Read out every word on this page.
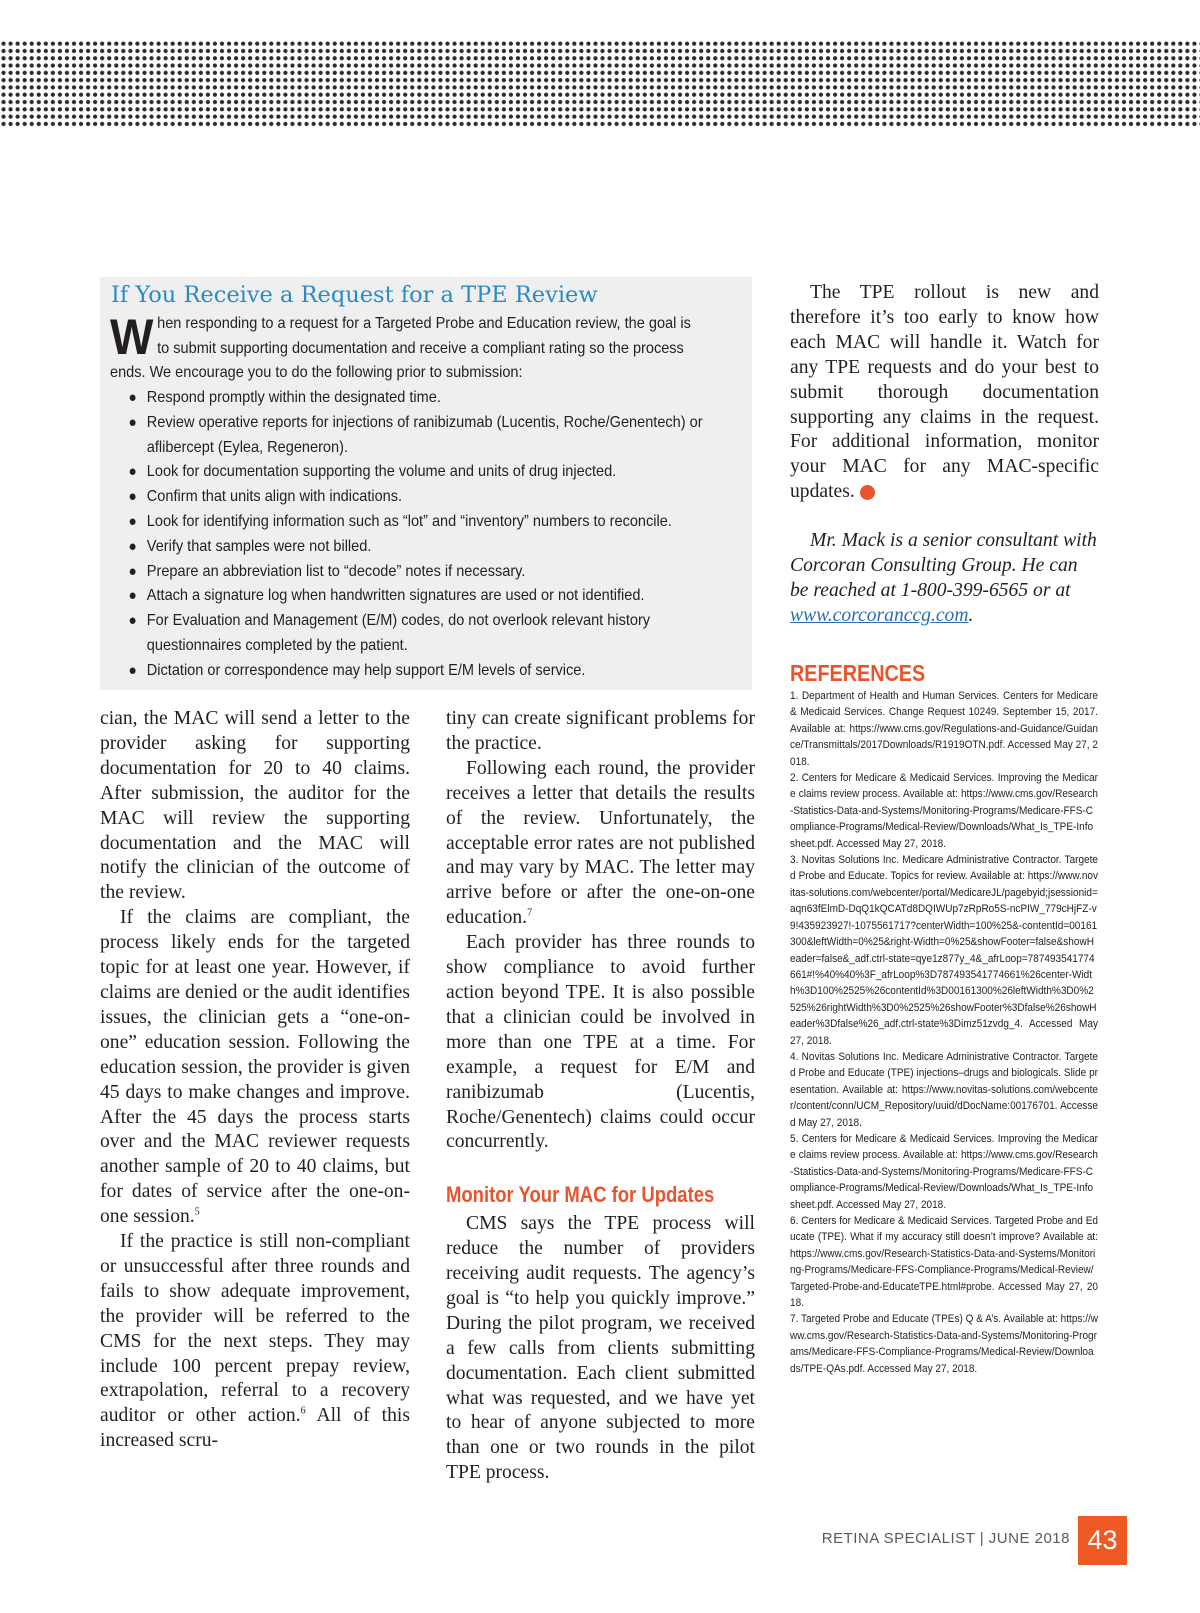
If You Receive a Request for a TPE Review
When responding to a request for a Targeted Probe and Education review, the goal is to submit supporting documentation and receive a compliant rating so the process ends. We encourage you to do the following prior to submission:
● Respond promptly within the designated time.
● Review operative reports for injections of ranibizumab (Lucentis, Roche/Genentech) or aflibercept (Eylea, Regeneron).
● Look for documentation supporting the volume and units of drug injected.
● Confirm that units align with indications.
● Look for identifying information such as “lot” and “inventory” numbers to reconcile.
● Verify that samples were not billed.
● Prepare an abbreviation list to “decode” notes if necessary.
● Attach a signature log when handwritten signatures are used or not identified.
● For Evaluation and Management (E/M) codes, do not overlook relevant history questionnaires completed by the patient.
● Dictation or correspondence may help support E/M levels of service.

cian, the MAC will send a letter to the provider asking for supporting documentation for 20 to 40 claims. After submission, the auditor for the MAC will review the supporting documentation and the MAC will notify the clinician of the outcome of the review.

If the claims are compliant, the process likely ends for the targeted topic for at least one year. However, if claims are denied or the audit identifies issues, the clinician gets a “one-on-one” education session. Following the education session, the provider is given 45 days to make changes and improve. After the 45 days the process starts over and the MAC reviewer requests another sample of 20 to 40 claims, but for dates of service after the one-on-one session.$^5$

If the practice is still non-compliant or unsuccessful after three rounds and fails to show adequate improvement, the provider will be referred to the CMS for the next steps. They may include 100 percent prepay review, extrapolation, referral to a recovery auditor or other action.$^6$ All of this increased scru-

tiny can create significant problems for the practice.

Following each round, the provider receives a letter that details the results of the review. Unfortunately, the acceptable error rates are not published and may vary by MAC. The letter may arrive before or after the one-on-one education.$^7$

Each provider has three rounds to show compliance to avoid further action beyond TPE. It is also possible that a clinician could be involved in more than one TPE at a time. For example, a request for E/M and ranibizumab (Lucentis, Roche/Genentech) claims could occur concurrently.

Monitor Your MAC for Updates

CMS says the TPE process will reduce the number of providers receiving audit requests. The agency’s goal is “to help you quickly improve.” During the pilot program, we received a few calls from clients submitting documentation. Each client submitted what was requested, and we have yet to hear of anyone subjected to more than one or two rounds in the pilot TPE process.

The TPE rollout is new and therefore it’s too early to know how each MAC will handle it. Watch for any TPE requests and do your best to submit thorough documentation supporting any claims in the request. For additional information, monitor your MAC for any MAC-specific updates.	RS

Mr. Mack is a senior consultant with Corcoran Consulting Group. He can be reached at 1-800-399-6565 or at www.corcoranccg.com.

REFERENCES

1. Department of Health and Human Services. Centers for Medicare & Medicaid Services. Change Request 10249. September 15, 2017. Available at: https://www.cms.gov/Regulations-and-Guidance/Guidance/Transmittals/2017Downloads/R1919OTN.pdf. Accessed May 27, 2018.

2. Centers for Medicare & Medicaid Services. Improving the Medicare claims review process. Available at: https://www.cms.gov/Research-Statistics-Data-and-Systems/Monitoring-Programs/Medicare-FFS-Compliance-Programs/Medical-Review/Downloads/What_Is_TPE-Infosheet.pdf. Accessed May 27, 2018.

3. Novitas Solutions Inc. Medicare Administrative Contractor. Targeted Probe and Educate. Topics for review. Available at: https://www.novitas-solutions.com/webcenter/portal/MedicareJL/pagebyid;jsessionid=aqn63fElmD-DqQ1kQCATd8DQIWUp7zRpRo5S-ncPIW_779cHjFZ-v9!435923927!-1075561717?centerWidth=100%25&-contentId=00161300&leftWidth=0%25&right-Width=0%25&showFooter=false&showHeader=false&_adf.ctrl-state=qye1z877y_4&_afrLoop=787493541774661#!%40%40%3F_afrLoop%3D787493541774661%26center-Width%3D100%2525%26contentId%3D00161300%26leftWidth%3D0%2525%26rightWidth%3D0%2525%26showFooter%3Dfalse%26showHeader%3Dfalse%26_adf.ctrl-state%3Dimz51zvdg_4. Accessed May 27, 2018.

4. Novitas Solutions Inc. Medicare Administrative Contractor. Targeted Probe and Educate (TPE) injections–drugs and biologicals. Slide presentation. Available at: https://www.novitas-solutions.com/webcenter/content/conn/UCM_Repository/uuid/dDocName:00176701. Accessed May 27, 2018.

5. Centers for Medicare & Medicaid Services. Improving the Medicare claims review process. Available at: https://www.cms.gov/Research-Statistics-Data-and-Systems/Monitoring-Programs/Medicare-FFS-Compliance-Programs/Medical-Review/Downloads/What_Is_TPE-Infosheet.pdf. Accessed May 27, 2018.

6. Centers for Medicare & Medicaid Services. Targeted Probe and Educate (TPE). What if my accuracy still doesn’t improve? Available at: https://www.cms.gov/Research-Statistics-Data-and-Systems/Monitoring-Programs/Medicare-FFS-Compliance-Programs/Medical-Review/Targeted-Probe-and-EducateTPE.html#probe. Accessed May 27, 2018.

7. Targeted Probe and Educate (TPEs) Q & A’s. Available at: https://www.cms.gov/Research-Statistics-Data-and-Systems/Monitoring-Programs/Medicare-FFS-Compliance-Programs/Medical-Review/Downloads/TPE-QAs.pdf. Accessed May 27, 2018.

RETINA SPECIALIST | JUNE 2018 43
